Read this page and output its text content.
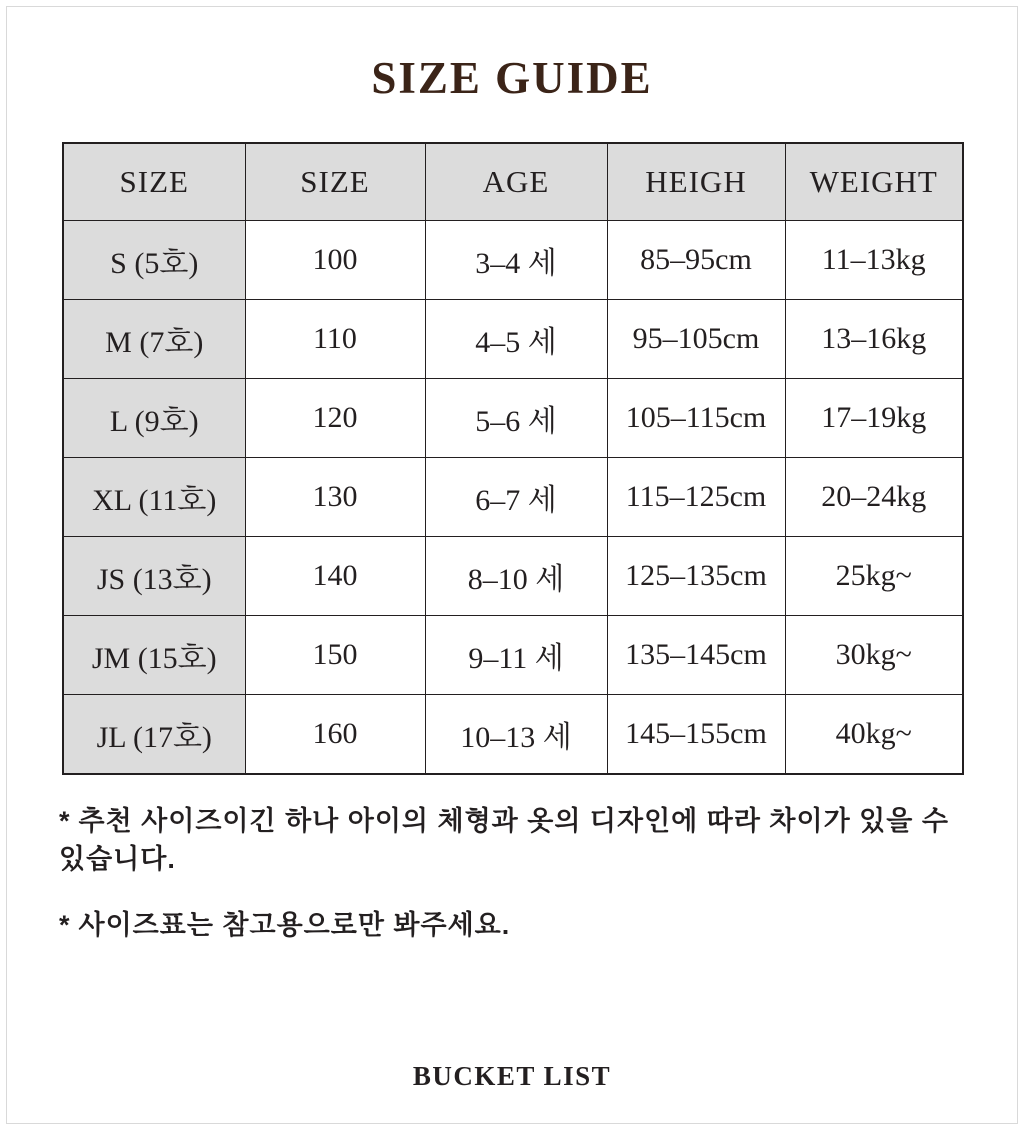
SIZE GUIDE
SIZE	SIZE	AGE	HEIGH	WEIGHT
S (5호)	100	3–4 세	85–95cm	11–13kg
M (7호)	110	4–5 세	95–105cm	13–16kg
L (9호)	120	5–6 세	105–115cm	17–19kg
XL (11호)	130	6–7 세	115–125cm	20–24kg
JS (13호)	140	8–10 세	125–135cm	25kg~
JM (15호)	150	9–11 세	135–145cm	30kg~
JL (17호)	160	10–13 세	145–155cm	40kg~

* 추천 사이즈이긴 하나 아이의 체형과 옷의 디자인에 따라 차이가 있을 수 있습니다.

* 사이즈표는 참고용으로만 봐주세요.

BUCKET LIST
